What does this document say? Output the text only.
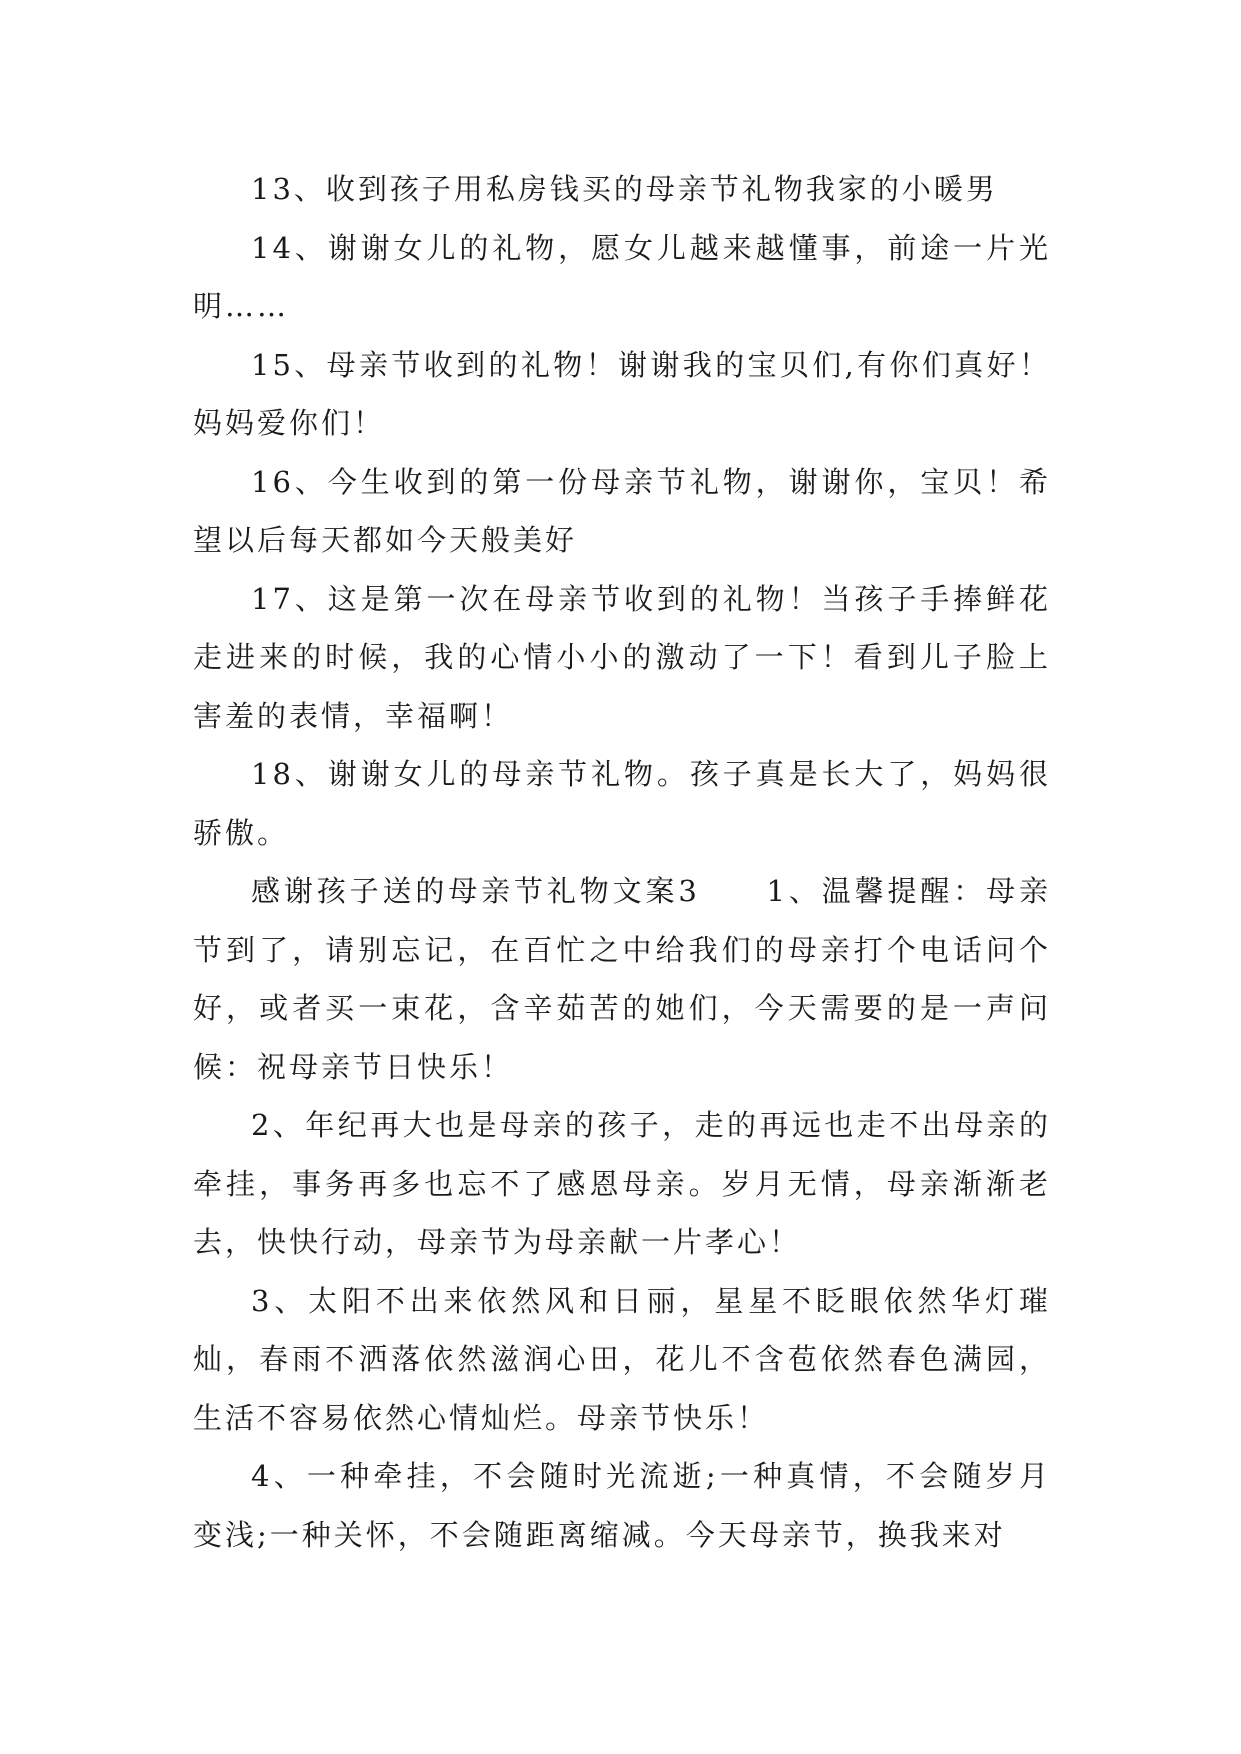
13、收到孩子用私房钱买的母亲节礼物我家的小暖男

14、谢谢女儿的礼物，愿女儿越来越懂事，前途一片光明……

15、母亲节收到的礼物！谢谢我的宝贝们,有你们真好！妈妈爱你们！

16、今生收到的第一份母亲节礼物，谢谢你，宝贝！希望以后每天都如今天般美好

17、这是第一次在母亲节收到的礼物！当孩子手捧鲜花走进来的时候，我的心情小小的激动了一下！看到儿子脸上害羞的表情，幸福啊！

18、谢谢女儿的母亲节礼物。孩子真是长大了，妈妈很骄傲。

感谢孩子送的母亲节礼物文案3　　1、温馨提醒：母亲节到了，请别忘记，在百忙之中给我们的母亲打个电话问个好，或者买一束花，含辛茹苦的她们，今天需要的是一声问候：祝母亲节日快乐！

2、年纪再大也是母亲的孩子，走的再远也走不出母亲的牵挂，事务再多也忘不了感恩母亲。岁月无情，母亲渐渐老去，快快行动，母亲节为母亲献一片孝心！

3、太阳不出来依然风和日丽，星星不眨眼依然华灯璀灿，春雨不洒落依然滋润心田，花儿不含苞依然春色满园，生活不容易依然心情灿烂。母亲节快乐！

4、一种牵挂，不会随时光流逝;一种真情，不会随岁月变浅;一种关怀，不会随距离缩减。今天母亲节，换我来对
